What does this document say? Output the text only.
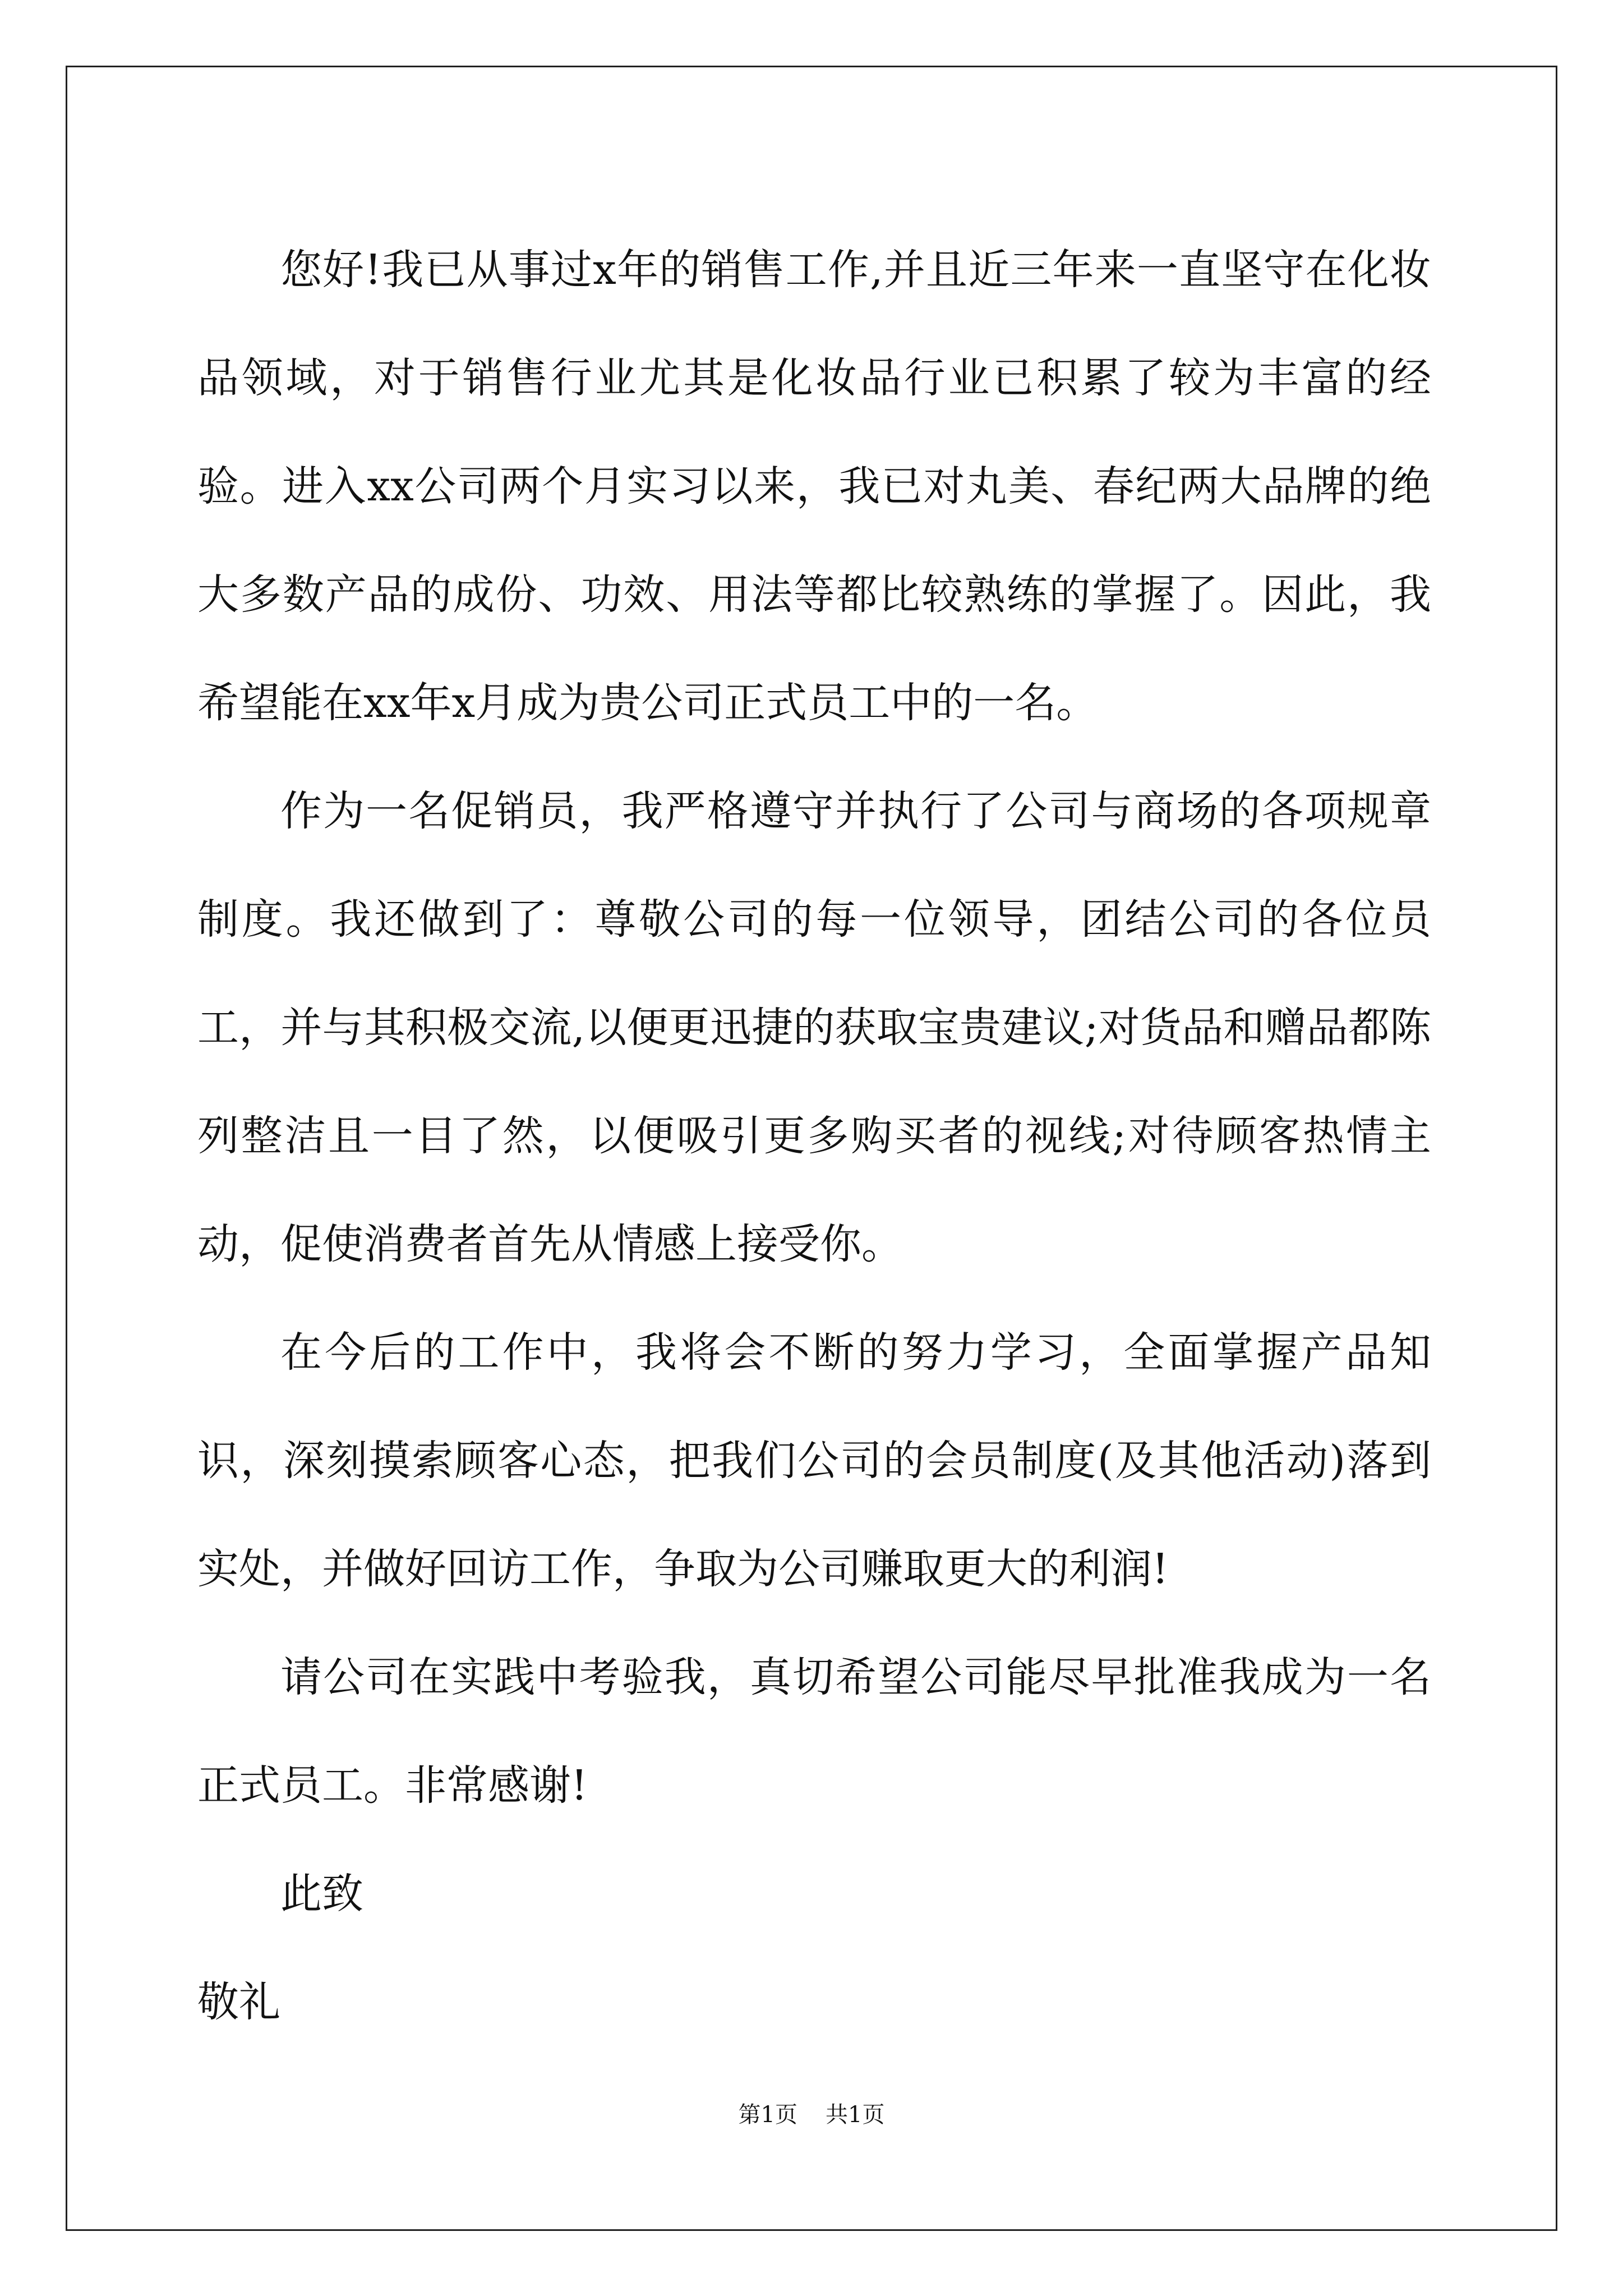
您好!我已从事过x年的销售工作,并且近三年来一直坚守在化妆品领域，对于销售行业尤其是化妆品行业已积累了较为丰富的经验。进入xx公司两个月实习以来，我已对丸美、春纪两大品牌的绝大多数产品的成份、功效、用法等都比较熟练的掌握了。因此，我希望能在xx年x月成为贵公司正式员工中的一名。

作为一名促销员，我严格遵守并执行了公司与商场的各项规章制度。我还做到了：尊敬公司的每一位领导，团结公司的各位员工，并与其积极交流,以便更迅捷的获取宝贵建议;对货品和赠品都陈列整洁且一目了然，以便吸引更多购买者的视线;对待顾客热情主动，促使消费者首先从情感上接受你。

在今后的工作中，我将会不断的努力学习，全面掌握产品知识，深刻摸索顾客心态，把我们公司的会员制度(及其他活动)落到实处，并做好回访工作，争取为公司赚取更大的利润!

请公司在实践中考验我，真切希望公司能尽早批准我成为一名正式员工。非常感谢!

此致

敬礼

第1页 共1页
